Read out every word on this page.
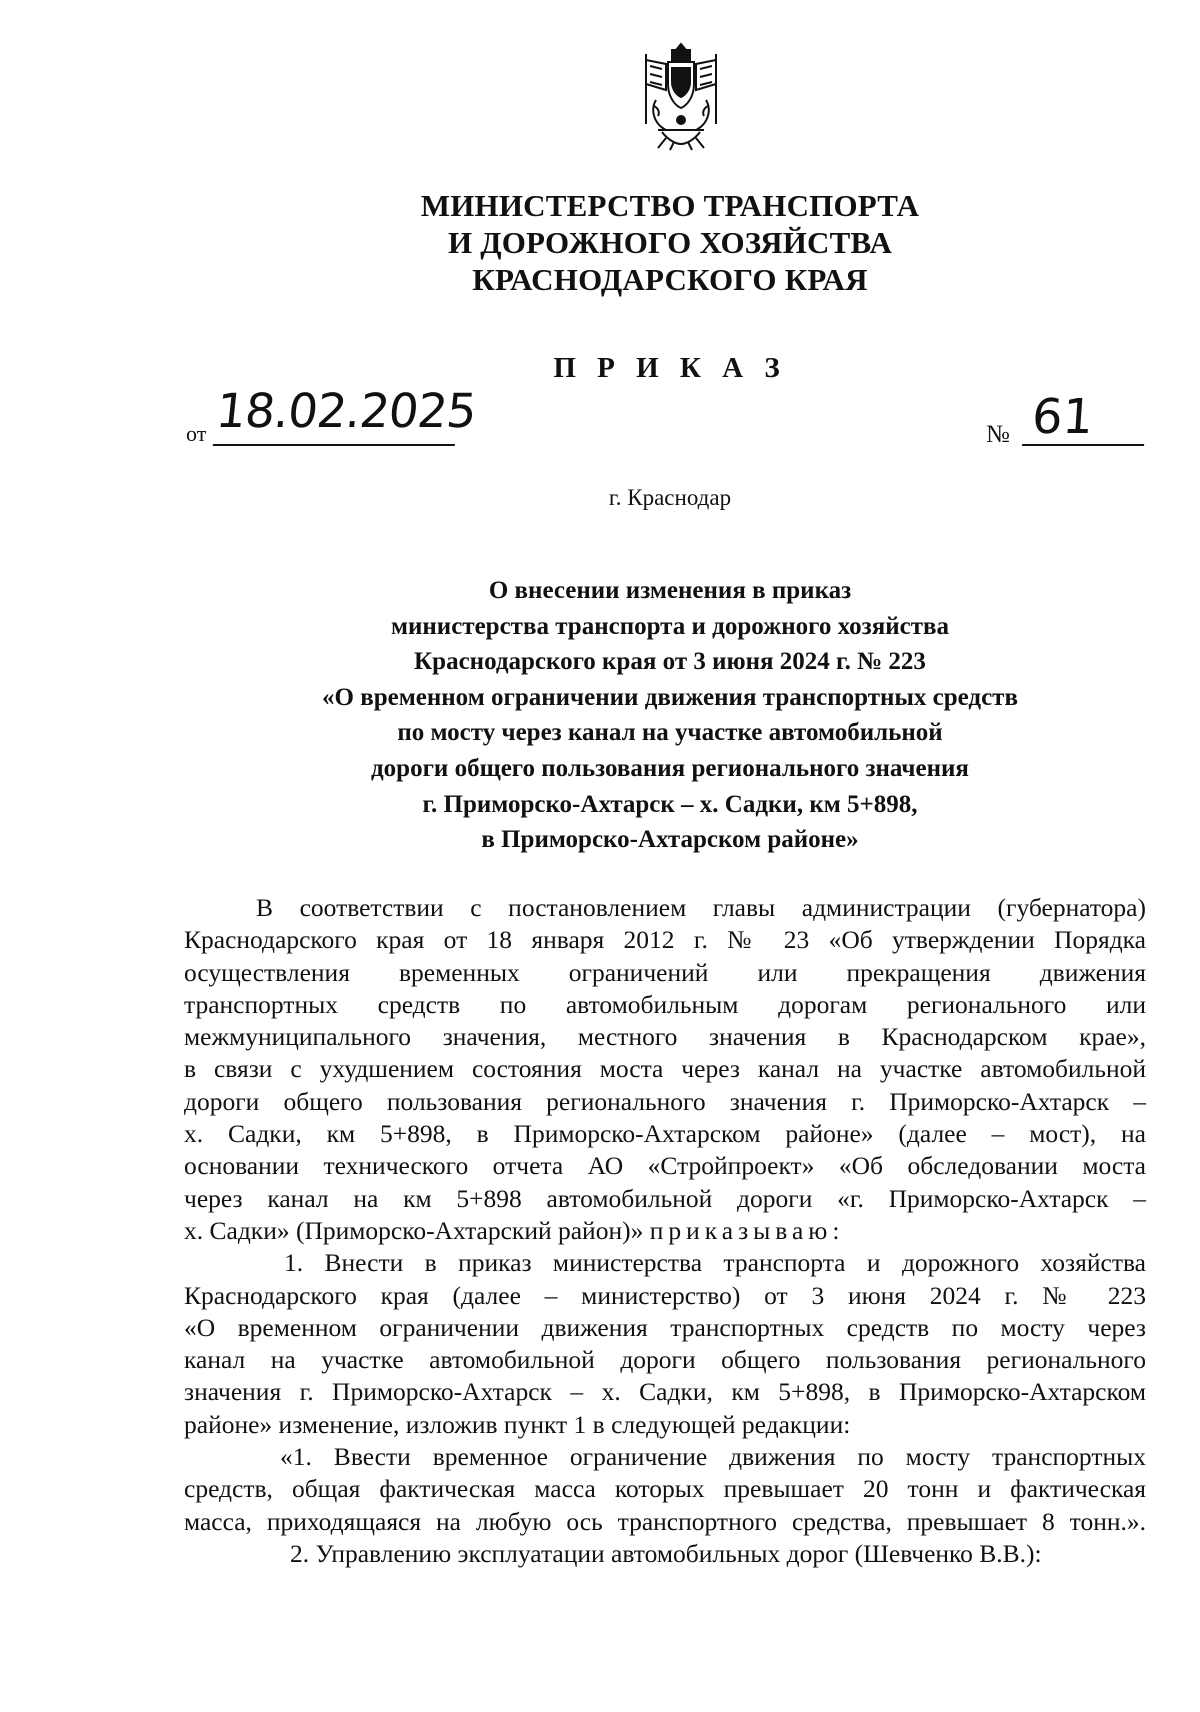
МИНИСТЕРСТВО ТРАНСПОРТА
И ДОРОЖНОГО ХОЗЯЙСТВА
КРАСНОДАРСКОГО КРАЯ
П Р И К А З
от 18.02.2025	№ 61
г. Краснодар
О внесении изменения в приказ
министерства транспорта и дорожного хозяйства
Краснодарского края от 3 июня 2024 г. № 223
«О временном ограничении движения транспортных средств
по мосту через канал на участке автомобильной
дороги общего пользования регионального значения
г. Приморско-Ахтарск – х. Садки, км 5+898,
в Приморско-Ахтарском районе»
В соответствии с постановлением главы администрации (губернатора)
Краснодарского края от 18 января 2012 г. № 23 «Об утверждении Порядка
осуществления временных ограничений или прекращения движения
транспортных средств по автомобильным дорогам регионального или
межмуниципального значения, местного значения в Краснодарском крае»,
в связи с ухудшением состояния моста через канал на участке автомобильной
дороги общего пользования регионального значения г. Приморско-Ахтарск –
х. Садки, км 5+898, в Приморско-Ахтарском районе» (далее – мост), на
основании технического отчета АО «Стройпроект» «Об обследовании моста
через канал на км 5+898 автомобильной дороги «г. Приморско-Ахтарск –
х. Садки» (Приморско-Ахтарский район)» приказываю:
1. Внести в приказ министерства транспорта и дорожного хозяйства
Краснодарского края (далее – министерство) от 3 июня 2024 г. № 223
«О временном ограничении движения транспортных средств по мосту через
канал на участке автомобильной дороги общего пользования регионального
значения г. Приморско-Ахтарск – х. Садки, км 5+898, в Приморско-Ахтарском
районе» изменение, изложив пункт 1 в следующей редакции:
«1. Ввести временное ограничение движения по мосту транспортных
средств, общая фактическая масса которых превышает 20 тонн и фактическая
масса, приходящаяся на любую ось транспортного средства, превышает 8 тонн.».
2. Управлению эксплуатации автомобильных дорог (Шевченко В.В.):
